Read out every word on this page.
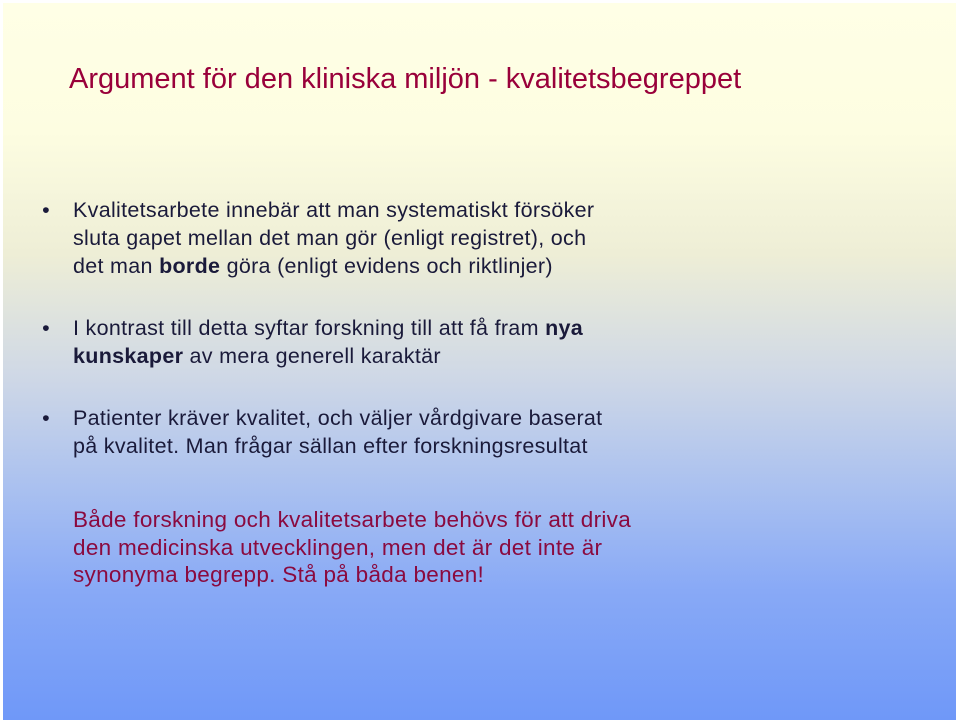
Argument för den kliniska miljön - kvalitetsbegreppet
• Kvalitetsarbete innebär att man systematiskt försöker
sluta gapet mellan det man gör (enligt registret), och
det man borde göra (enligt evidens och riktlinjer)
• I kontrast till detta syftar forskning till att få fram nya
kunskaper av mera generell karaktär
• Patienter kräver kvalitet, och väljer vårdgivare baserat
på kvalitet. Man frågar sällan efter forskningsresultat

Både forskning och kvalitetsarbete behövs för att driva
den medicinska utvecklingen, men det är det inte är
synonyma begrepp. Stå på båda benen!
